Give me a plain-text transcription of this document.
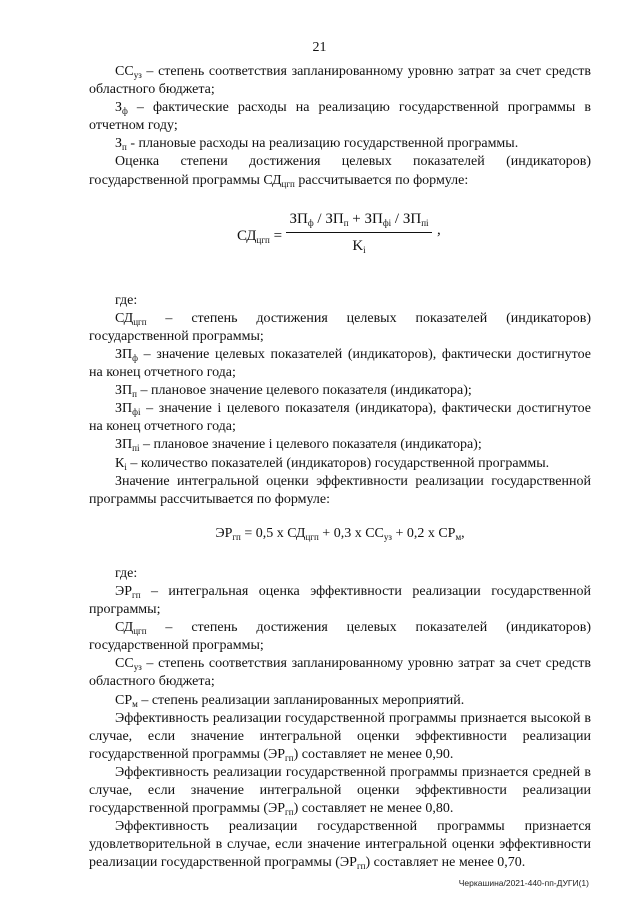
21

$СС_{уз}$ – степень соответствия запланированному уровню затрат за счет средств областного бюджета;

$З_ф$ – фактические расходы на реализацию государственной программы в отчетном году;

$З_п$ - плановые расходы на реализацию государственной программы.

Оценка степени достижения целевых показателей (индикаторов) государственной программы $СД_{цгп}$ рассчитывается по формуле:

$СД_{цгп}$ =
$ЗП_ф / ЗП_п + ЗП_{фi} / ЗП_{пi}$
$K_i$
,

где:

$СД_{цгп}$ – степень достижения целевых показателей (индикаторов) государственной программы;

$ЗП_ф$ – значение целевых показателей (индикаторов), фактически достигнутое на конец отчетного года;

$ЗП_п$ – плановое значение целевого показателя (индикатора);

$ЗП_{фi}$ – значение i целевого показателя (индикатора), фактически достигнутое на конец отчетного года;

$ЗП_{пi}$ – плановое значение i целевого показателя (индикатора);

$К_i$ – количество показателей (индикаторов) государственной программы.

Значение интегральной оценки эффективности реализации государственной программы рассчитывается по формуле:

$ЭР_{гп} = 0,5$ x $СД_{цгп} + 0,3$ x $СС_{уз} + 0,2$ x $СР_м$,

где:

$ЭР_{гп}$ – интегральная оценка эффективности реализации государственной программы;

$СД_{цгп}$ – степень достижения целевых показателей (индикаторов) государственной программы;

$СС_{уз}$ – степень соответствия запланированному уровню затрат за счет средств областного бюджета;

$СР_м$ – степень реализации запланированных мероприятий.

Эффективность реализации государственной программы признается высокой в случае, если значение интегральной оценки эффективности реализации государственной программы $(ЭР_{гп})$ составляет не менее 0,90.

Эффективность реализации государственной программы признается средней в случае, если значение интегральной оценки эффективности реализации государственной программы $(ЭР_{гп})$ составляет не менее 0,80.

Эффективность реализации государственной программы признается удовлетворительной в случае, если значение интегральной оценки эффективности реализации государственной программы $(ЭР_{гп})$ составляет не менее 0,70.

Черкашина/2021-440-пп-ДУГИ(1)
